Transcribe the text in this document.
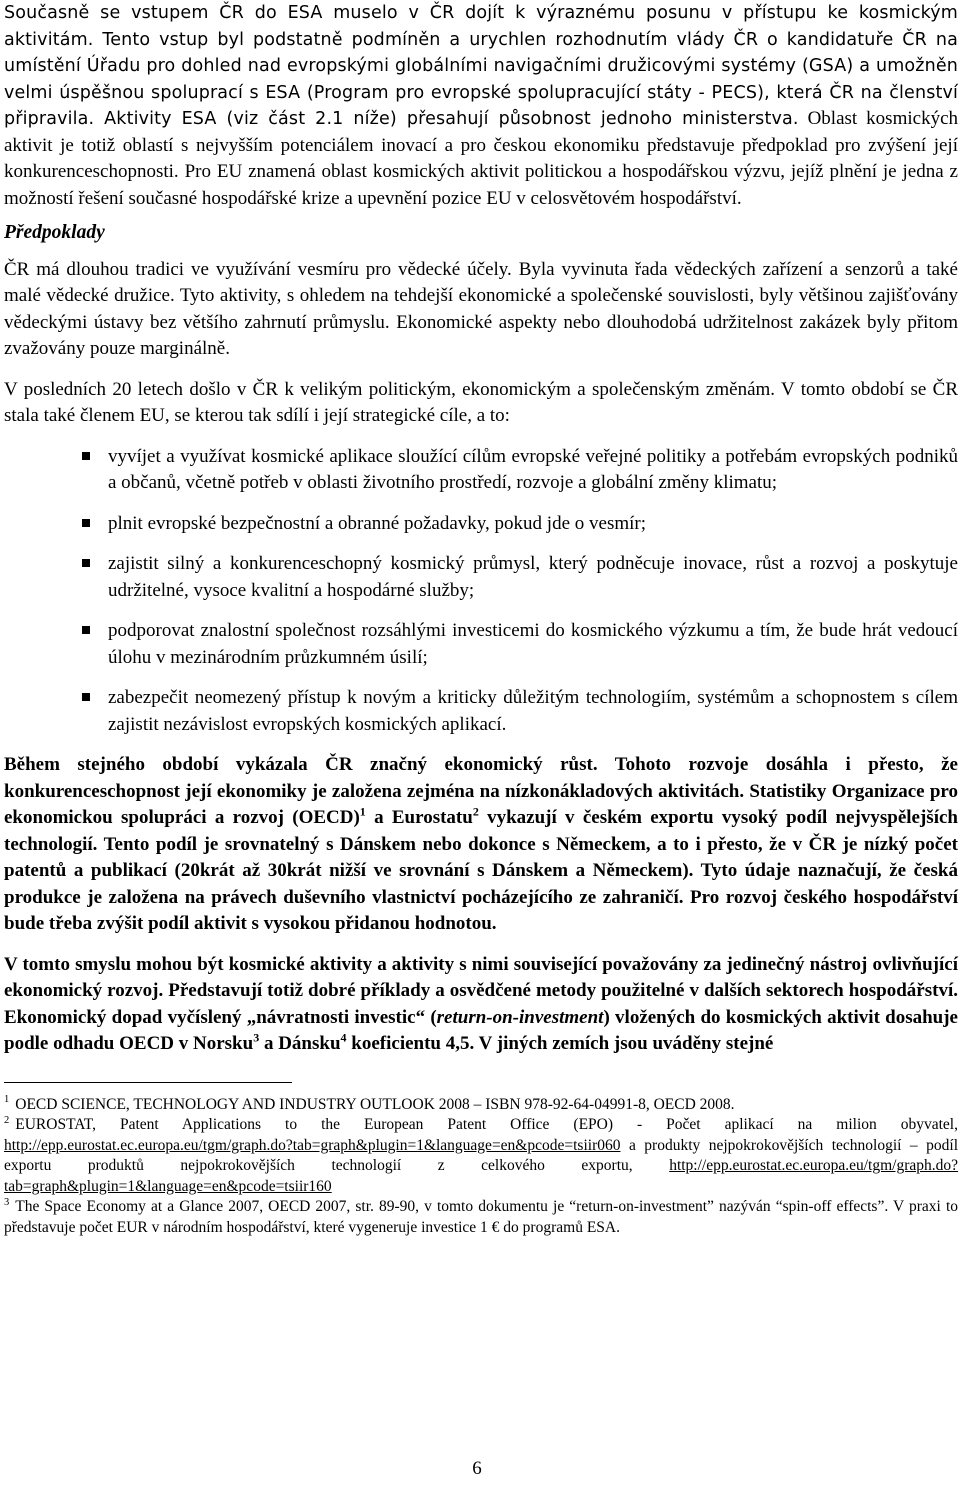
Současně se vstupem ČR do ESA muselo v ČR dojít k výraznému posunu v přístupu ke kosmickým aktivitám. Tento vstup byl podstatně podmíněn a urychlen rozhodnutím vlády ČR o kandidatuře ČR na umístění Úřadu pro dohled nad evropskými globálními navigačními družicovými systémy (GSA) a umožněn velmi úspěšnou spoluprací s ESA (Program pro evropské spolupracující státy - PECS), která ČR na členství připravila. Aktivity ESA (viz část 2.1 níže) přesahují působnost jednoho ministerstva. Oblast kosmických aktivit je totiž oblastí s nejvyšším potenciálem inovací a pro českou ekonomiku představuje předpoklad pro zvýšení její konkurenceschopnosti. Pro EU znamená oblast kosmických aktivit politickou a hospodářskou výzvu, jejíž plnění je jedna z možností řešení současné hospodářské krize a upevnění pozice EU v celosvětovém hospodářství.

Předpoklady

ČR má dlouhou tradici ve využívání vesmíru pro vědecké účely. Byla vyvinuta řada vědeckých zařízení a senzorů a také malé vědecké družice. Tyto aktivity, s ohledem na tehdejší ekonomické a společenské souvislosti, byly většinou zajišťovány vědeckými ústavy bez většího zahrnutí průmyslu. Ekonomické aspekty nebo dlouhodobá udržitelnost zakázek byly přitom zvažovány pouze marginálně.

V posledních 20 letech došlo v ČR k velikým politickým, ekonomickým a společenským změnám. V tomto období se ČR stala také členem EU, se kterou tak sdílí i její strategické cíle, a to:

vyvíjet a využívat kosmické aplikace sloužící cílům evropské veřejné politiky a potřebám evropských podniků a občanů, včetně potřeb v oblasti životního prostředí, rozvoje a globální změny klimatu;

plnit evropské bezpečnostní a obranné požadavky, pokud jde o vesmír;

zajistit silný a konkurenceschopný kosmický průmysl, který podněcuje inovace, růst a rozvoj a poskytuje udržitelné, vysoce kvalitní a hospodárné služby;

podporovat znalostní společnost rozsáhlými investicemi do kosmického výzkumu a tím, že bude hrát vedoucí úlohu v mezinárodním průzkumném úsilí;

zabezpečit neomezený přístup k novým a kriticky důležitým technologiím, systémům a schopnostem s cílem zajistit nezávislost evropských kosmických aplikací.

Během stejného období vykázala ČR značný ekonomický růst. Tohoto rozvoje dosáhla i přesto, že konkurenceschopnost její ekonomiky je založena zejména na nízkonákladových aktivitách. Statistiky Organizace pro ekonomickou spolupráci a rozvoj (OECD)$^1$ a Eurostatu$^2$ vykazují v českém exportu vysoký podíl nejvyspělejších technologií. Tento podíl je srovnatelný s Dánskem nebo dokonce s Německem, a to i přesto, že v ČR je nízký počet patentů a publikací (20krát až 30krát nižší ve srovnání s Dánskem a Německem). Tyto údaje naznačují, že česká produkce je založena na právech duševního vlastnictví pocházejícího ze zahraničí. Pro rozvoj českého hospodářství bude třeba zvýšit podíl aktivit s vysokou přidanou hodnotou.

V tomto smyslu mohou být kosmické aktivity a aktivity s nimi související považovány za jedinečný nástroj ovlivňující ekonomický rozvoj. Představují totiž dobré příklady a osvědčené metody použitelné v dalších sektorech hospodářství. Ekonomický dopad vyčíslený „návratnosti investic“ (return-on-investment) vložených do kosmických aktivit dosahuje podle odhadu OECD v Norsku$^3$ a Dánsku$^4$ koeficientu 4,5. V jiných zemích jsou uváděny stejné

$^1$ OECD SCIENCE, TECHNOLOGY AND INDUSTRY OUTLOOK 2008 – ISBN 978-92-64-04991-8, OECD 2008.

$^2$ EUROSTAT, Patent Applications to the European Patent Office (EPO) - Počet aplikací na milion obyvatel, http://epp.eurostat.ec.europa.eu/tgm/graph.do?tab=graph&plugin=1&language=en&pcode=tsiir060 a produkty nejpokrokovějších technologií – podíl exportu produktů nejpokrokovějších technologií z celkového exportu, http://epp.eurostat.ec.europa.eu/tgm/graph.do?tab=graph&plugin=1&language=en&pcode=tsiir160

$^3$ The Space Economy at a Glance 2007, OECD 2007, str. 89-90, v tomto dokumentu je “return-on-investment” nazýván “spin-off effects”. V praxi to představuje počet EUR v národním hospodářství, které vygeneruje investice 1 € do programů ESA.

6
